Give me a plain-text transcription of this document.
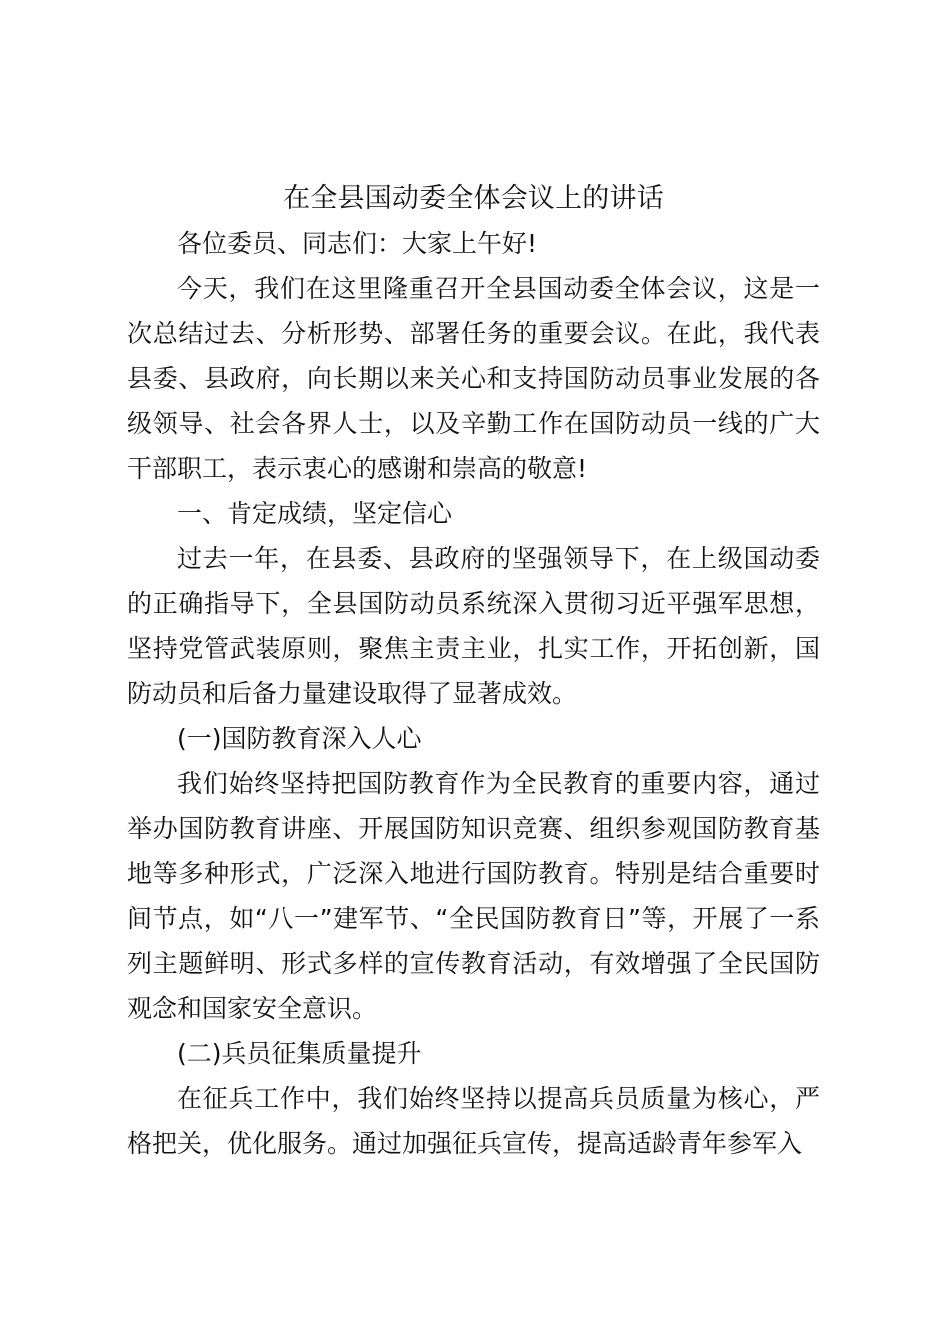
在全县国动委全体会议上的讲话

各位委员、同志们：大家上午好!

今天，我们在这里隆重召开全县国动委全体会议，这是一次总结过去、分析形势、部署任务的重要会议。在此，我代表县委、县政府，向长期以来关心和支持国防动员事业发展的各级领导、社会各界人士，以及辛勤工作在国防动员一线的广大干部职工，表示衷心的感谢和崇高的敬意!

一、肯定成绩，坚定信心

过去一年，在县委、县政府的坚强领导下，在上级国动委的正确指导下，全县国防动员系统深入贯彻习近平强军思想，坚持党管武装原则，聚焦主责主业，扎实工作，开拓创新，国防动员和后备力量建设取得了显著成效。

(一)国防教育深入人心

我们始终坚持把国防教育作为全民教育的重要内容，通过举办国防教育讲座、开展国防知识竞赛、组织参观国防教育基地等多种形式，广泛深入地进行国防教育。特别是结合重要时间节点，如“八一”建军节、“全民国防教育日”等，开展了一系列主题鲜明、形式多样的宣传教育活动，有效增强了全民国防观念和国家安全意识。

(二)兵员征集质量提升

在征兵工作中，我们始终坚持以提高兵员质量为核心，严格把关，优化服务。通过加强征兵宣传，提高适龄青年参军入
